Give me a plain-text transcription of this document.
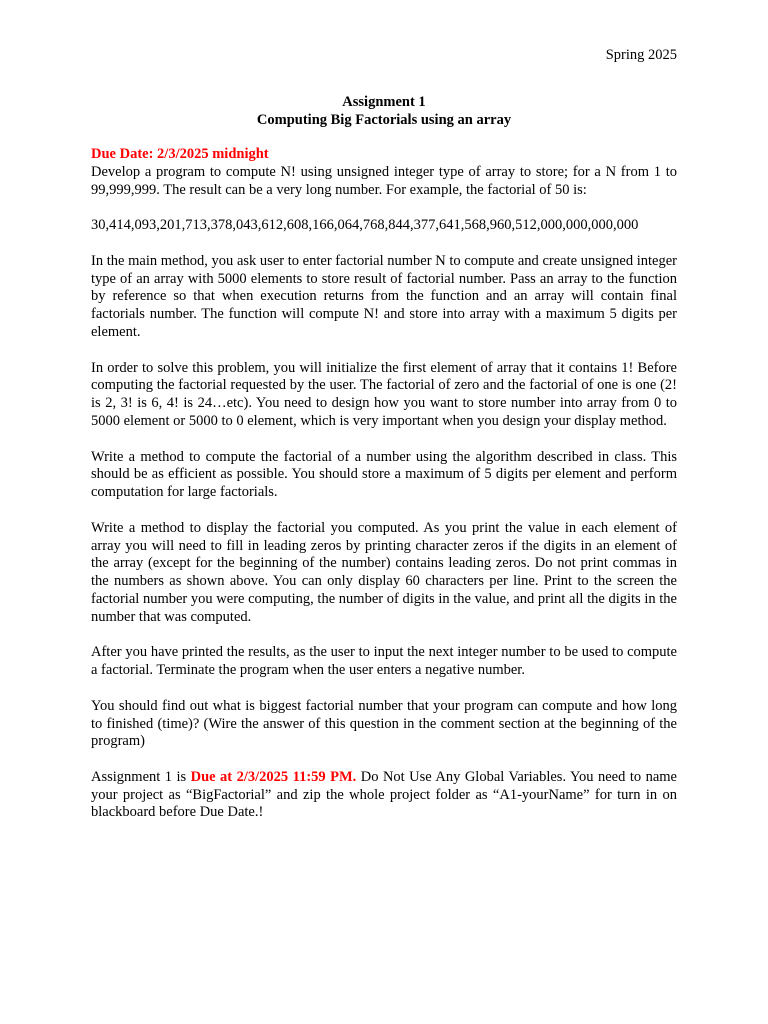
Spring 2025
Assignment 1
Computing Big Factorials using an array
Due Date: 2/3/2025 midnight

Develop a program to compute N! using unsigned integer type of array to store; for a N from 1 to 99,999,999. The result can be a very long number. For example, the factorial of 50 is:

30,414,093,201,713,378,043,612,608,166,064,768,844,377,641,568,960,512,000,000,000,000

In the main method, you ask user to enter factorial number N to compute and create unsigned integer type of an array with 5000 elements to store result of factorial number. Pass an array to the function by reference so that when execution returns from the function and an array will contain final factorials number. The function will compute N! and store into array with a maximum 5 digits per element.

In order to solve this problem, you will initialize the first element of array that it contains 1! Before computing the factorial requested by the user. The factorial of zero and the factorial of one is one (2! is 2, 3! is 6, 4! is 24…etc). You need to design how you want to store number into array from 0 to 5000 element or 5000 to 0 element, which is very important when you design your display method.

Write a method to compute the factorial of a number using the algorithm described in class. This should be as efficient as possible. You should store a maximum of 5 digits per element and perform computation for large factorials.

Write a method to display the factorial you computed. As you print the value in each element of array you will need to fill in leading zeros by printing character zeros if the digits in an element of the array (except for the beginning of the number) contains leading zeros. Do not print commas in the numbers as shown above. You can only display 60 characters per line. Print to the screen the factorial number you were computing, the number of digits in the value, and print all the digits in the number that was computed.

After you have printed the results, as the user to input the next integer number to be used to compute a factorial. Terminate the program when the user enters a negative number.

You should find out what is biggest factorial number that your program can compute and how long to finished (time)? (Wire the answer of this question in the comment section at the beginning of the program)

Assignment 1 is Due at 2/3/2025 11:59 PM. Do Not Use Any Global Variables. You need to name your project as “BigFactorial” and zip the whole project folder as “A1-yourName” for turn in on blackboard before Due Date.!
